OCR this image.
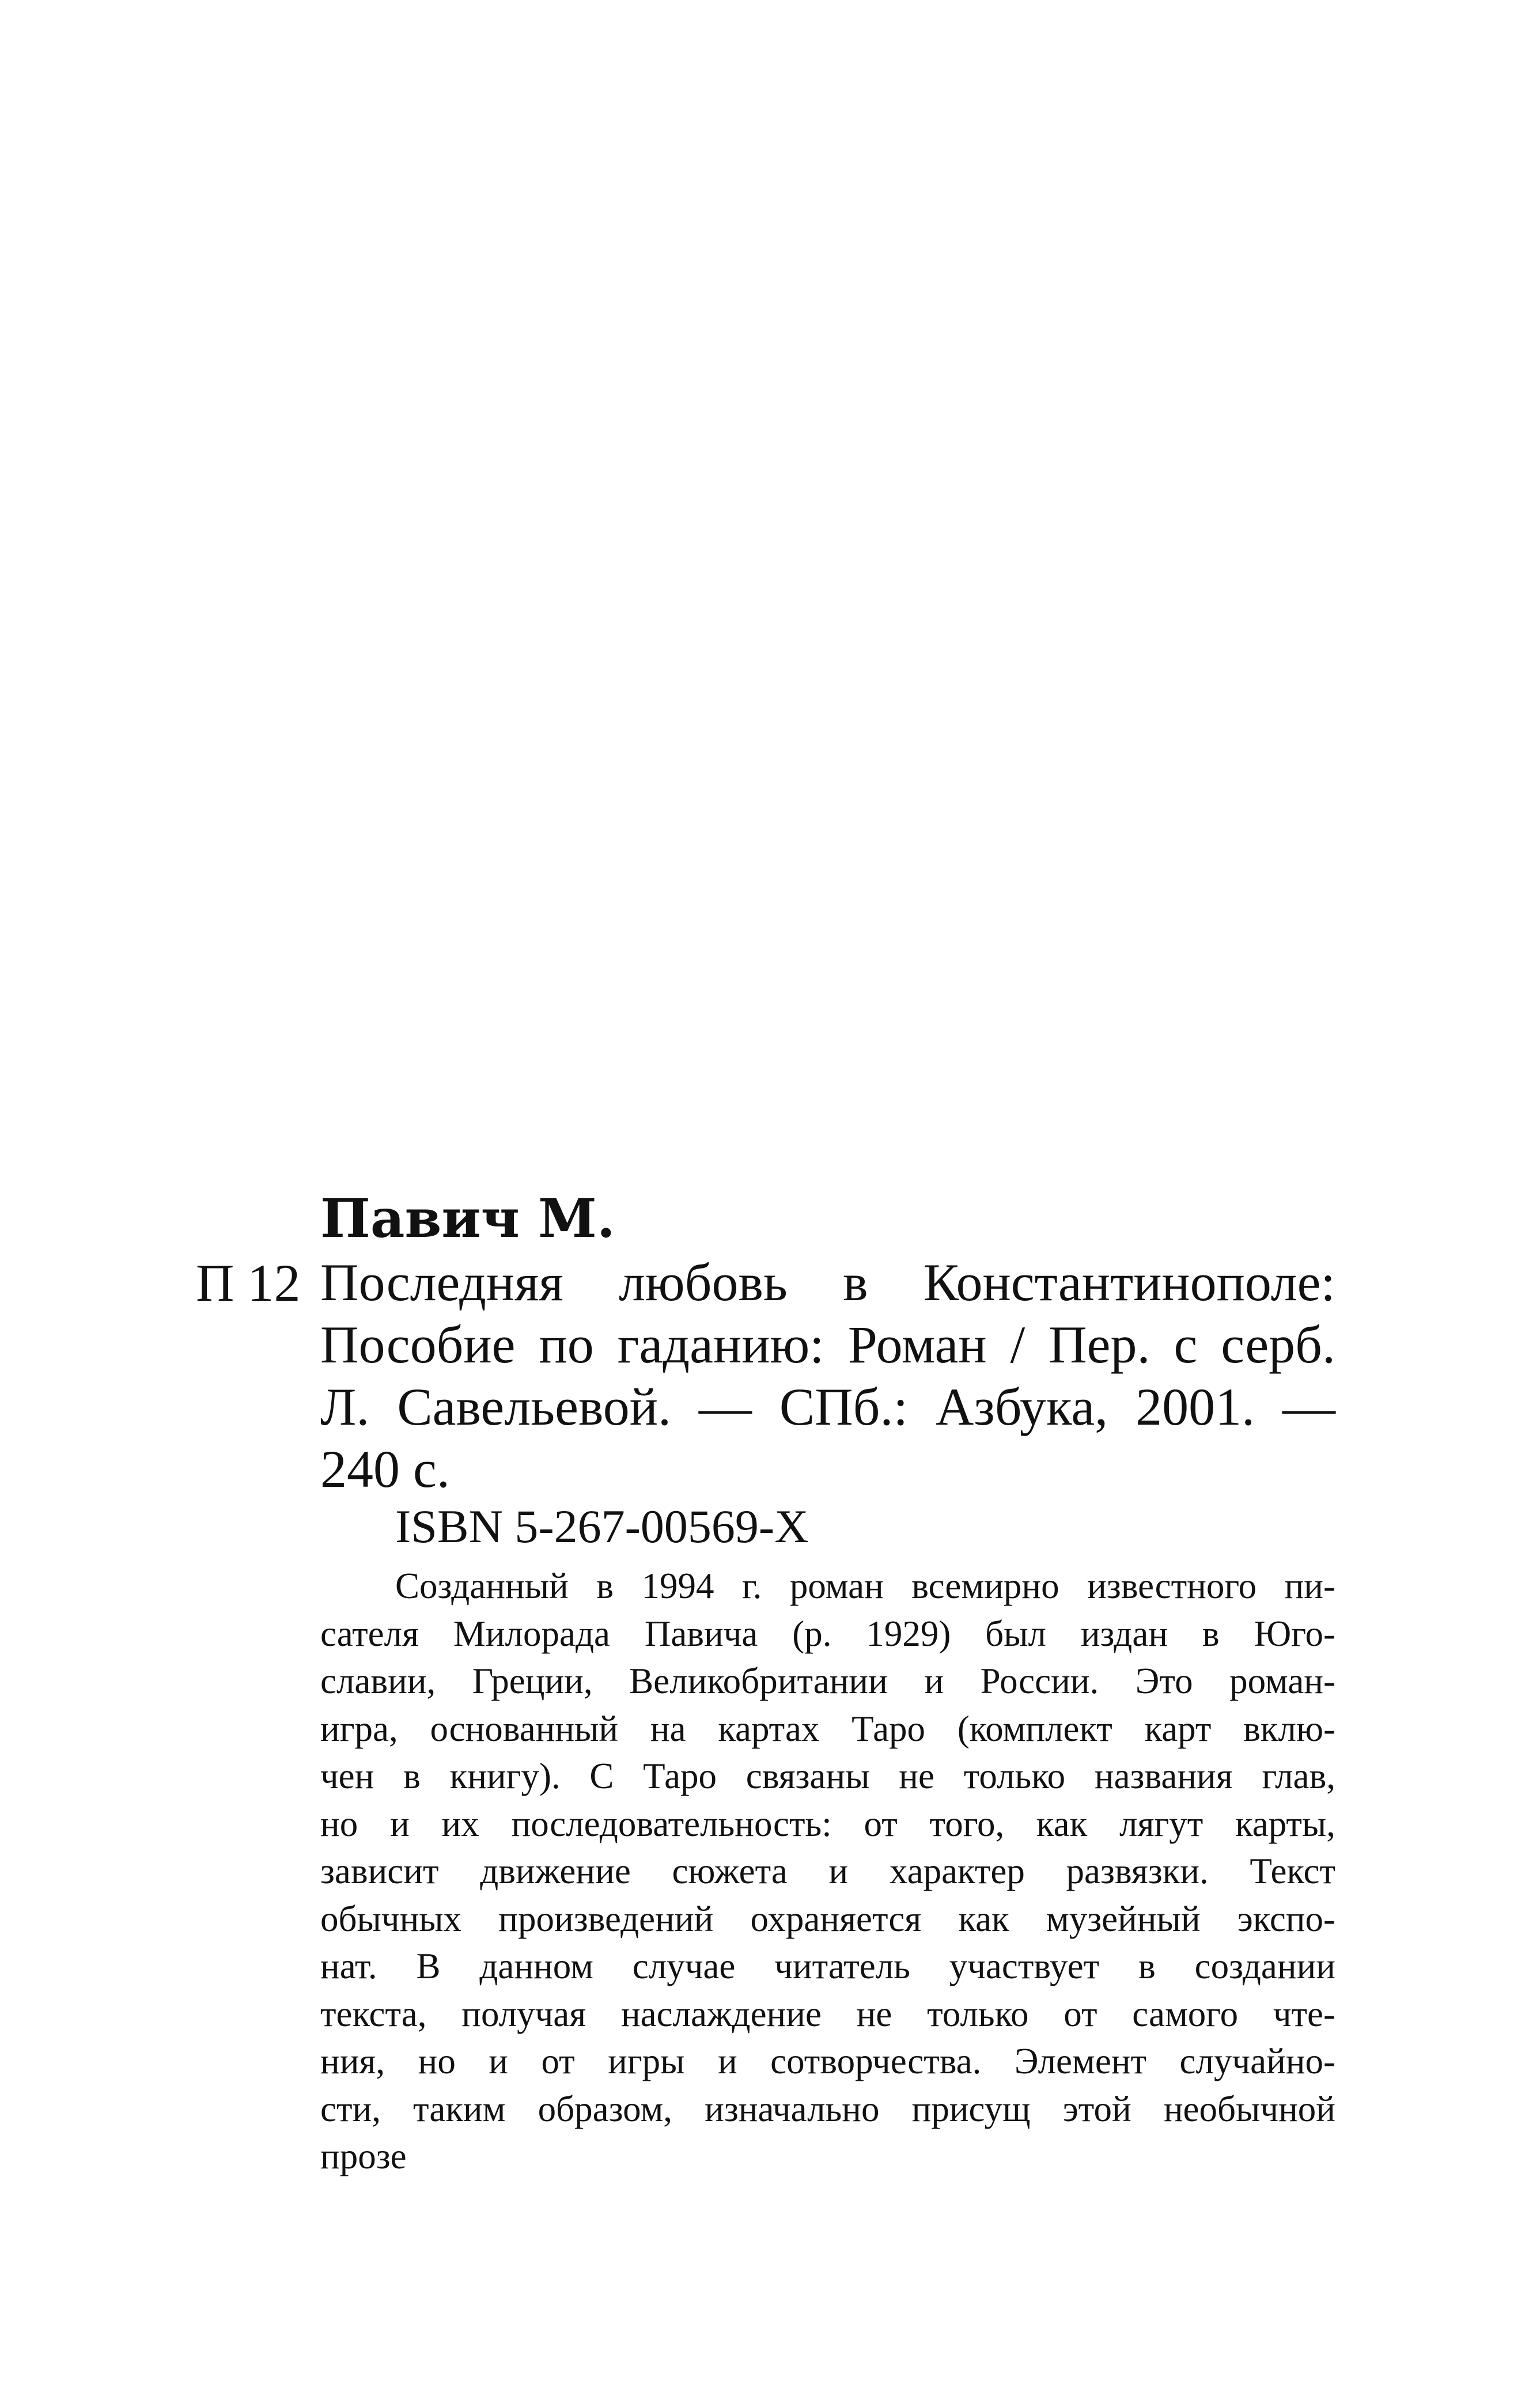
Павич М.
П 12 Последняя любовь в Константинополе:
Пособие по гаданию: Роман / Пер. с серб.
Л. Савельевой. — СПб.: Азбука, 2001. —
240 с.
ISBN 5-267-00569-X
Созданный в 1994 г. роман всемирно известного пи-
сателя Милорада Павича (р. 1929) был издан в Юго-
славии, Греции, Великобритании и России. Это роман-
игра, основанный на картах Таро (комплект карт вклю-
чен в книгу). С Таро связаны не только названия глав,
но и их последовательность: от того, как лягут карты,
зависит движение сюжета и характер развязки. Текст
обычных произведений охраняется как музейный экспо-
нат. В данном случае читатель участвует в создании
текста, получая наслаждение не только от самого чте-
ния, но и от игры и сотворчества. Элемент случайно-
сти, таким образом, изначально присущ этой необычной
прозе
